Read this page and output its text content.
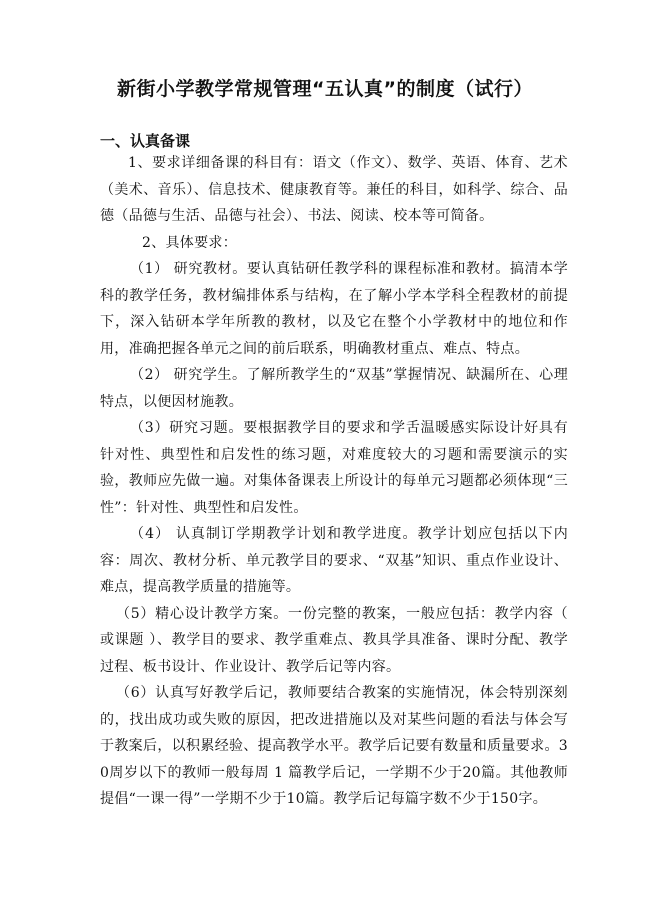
新街小学教学常规管理“五认真”的制度（试行）
一、认真备课

1、要求详细备课的科目有：语文（作文）、数学、英语、体育、艺术（美术、音乐）、信息技术、健康教育等。兼任的科目，如科学、综合、品德（品德与生活、品德与社会）、书法、阅读、校本等可简备。

2、具体要求：

（1） 研究教材。要认真钻研任教学科的课程标准和教材。搞清本学科的教学任务，教材编排体系与结构，在了解小学本学科全程教材的前提下，深入钻研本学年所教的教材，以及它在整个小学教材中的地位和作用，准确把握各单元之间的前后联系，明确教材重点、难点、特点。

（2） 研究学生。了解所教学生的“双基”掌握情况、缺漏所在、心理特点，以便因材施教。

（3）研究习题。要根据教学目的要求和学舌温暖感实际设计好具有针对性、典型性和启发性的练习题，对难度较大的习题和需要演示的实验，教师应先做一遍。对集体备课表上所设计的每单元习题都必须体现“三性”：针对性、典型性和启发性。

（4） 认真制订学期教学计划和教学进度。教学计划应包括以下内容：周次、教材分析、单元教学目的要求、“双基”知识、重点作业设计、难点，提高教学质量的措施等。

（5）精心设计教学方案。一份完整的教案，一般应包括：教学内容（ 或课题 ）、教学目的要求、教学重难点、教具学具准备、课时分配、教学过程、板书设计、作业设计、教学后记等内容。

（6）认真写好教学后记，教师要结合教案的实施情况，体会特别深刻的，找出成功或失败的原因，把改进措施以及对某些问题的看法与体会写于教案后，以积累经验、提高教学水平。教学后记要有数量和质量要求。30周岁以下的教师一般每周 1 篇教学后记，一学期不少于20篇。其他教师提倡“一课一得”一学期不少于10篇。教学后记每篇字数不少于150字。
